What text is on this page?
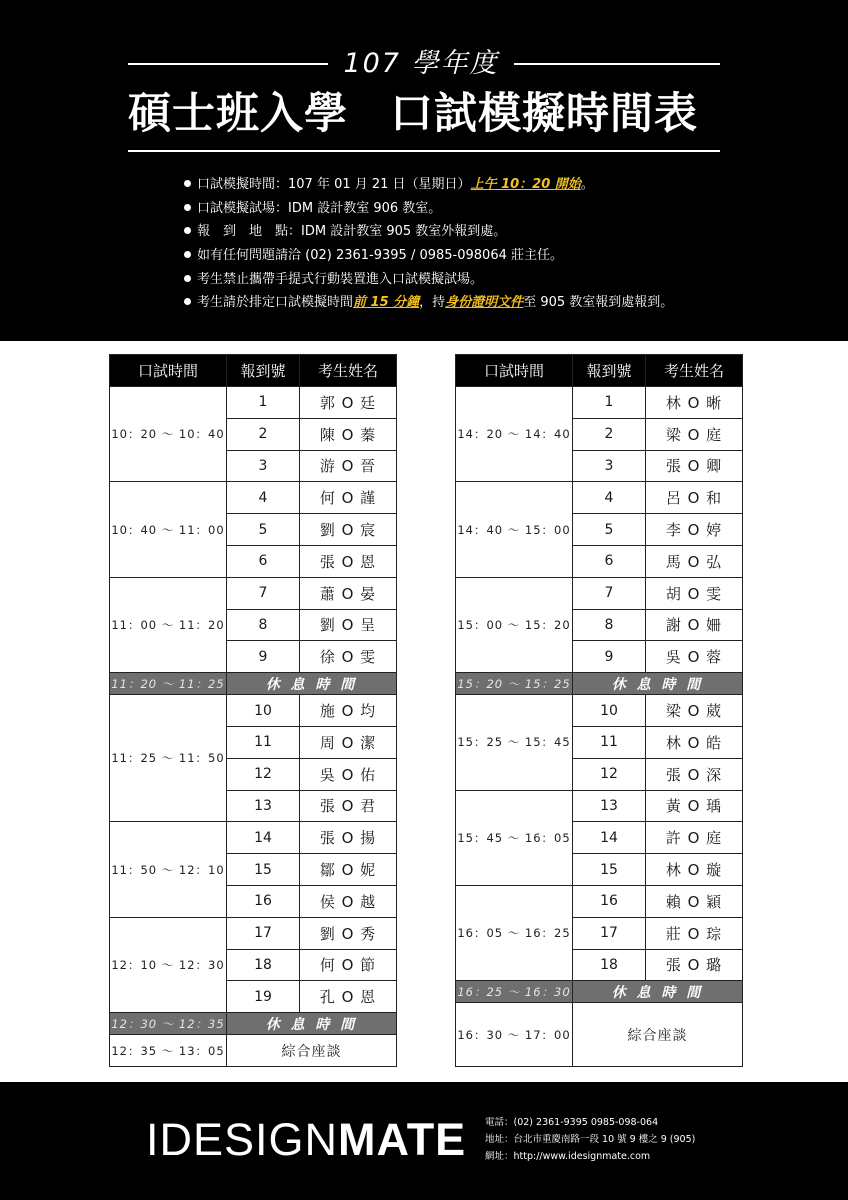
107 學年度
碩士班入學 口試模擬時間表
口試模擬時間：107 年 01 月 21 日（星期日）上午 10：20 開始。
口試模擬試場：IDM 設計教室 906 教室。
報　到　地　點：IDM 設計教室 905 教室外報到處。
如有任何問題請洽 (02) 2361-9395 / 0985-098064 莊主任。
考生禁止攜帶手提式行動裝置進入口試模擬試場。
考生請於排定口試模擬時間前 15 分鐘，持身份證明文件至 905 教室報到處報到。
口試時間	報到號	考生姓名
10：20 ～ 10：40	1	郭 O 廷
	2	陳 O 蓁
	3	游 O 晉
10：40 ～ 11：00	4	何 O 謹
	5	劉 O 宸
	6	張 O 恩
11：00 ～ 11：20	7	蕭 O 晏
	8	劉 O 呈
	9	徐 O 雯
11：20 ～ 11：25	休 息 時 間	
11：25 ～ 11：50	10	施 O 均
	11	周 O 潔
	12	吳 O 佑
	13	張 O 君
11：50 ～ 12：10	14	張 O 揚
	15	鄒 O 妮
	16	侯 O 越
12：10 ～ 12：30	17	劉 O 秀
	18	何 O 節
	19	孔 O 恩
12：30 ～ 12：35	休 息 時 間	
12：35 ～ 13：05	綜合座談	
口試時間	報到號	考生姓名
14：20 ～ 14：40	1	林 O 晰
	2	梁 O 庭
	3	張 O 卿
14：40 ～ 15：00	4	呂 O 和
	5	李 O 婷
	6	馬 O 弘
15：00 ～ 15：20	7	胡 O 雯
	8	謝 O 姍
	9	吳 O 蓉
15：20 ～ 15：25	休 息 時 間	
15：25 ～ 15：45	10	梁 O 葳
	11	林 O 皓
	12	張 O 深
15：45 ～ 16：05	13	黃 O 瑀
	14	許 O 庭
	15	林 O 璇
16：05 ～ 16：25	16	賴 O 穎
	17	莊 O 琮
	18	張 O 璐
16：25 ～ 16：30	休 息 時 間	
16：30 ～ 17：00	綜合座談	
IDESIGNMATE 電話：(02) 2361-9395 0985-098-064
地址：台北市重慶南路一段 10 號 9 樓之 9 (905)
網址：http://www.idesignmate.com
